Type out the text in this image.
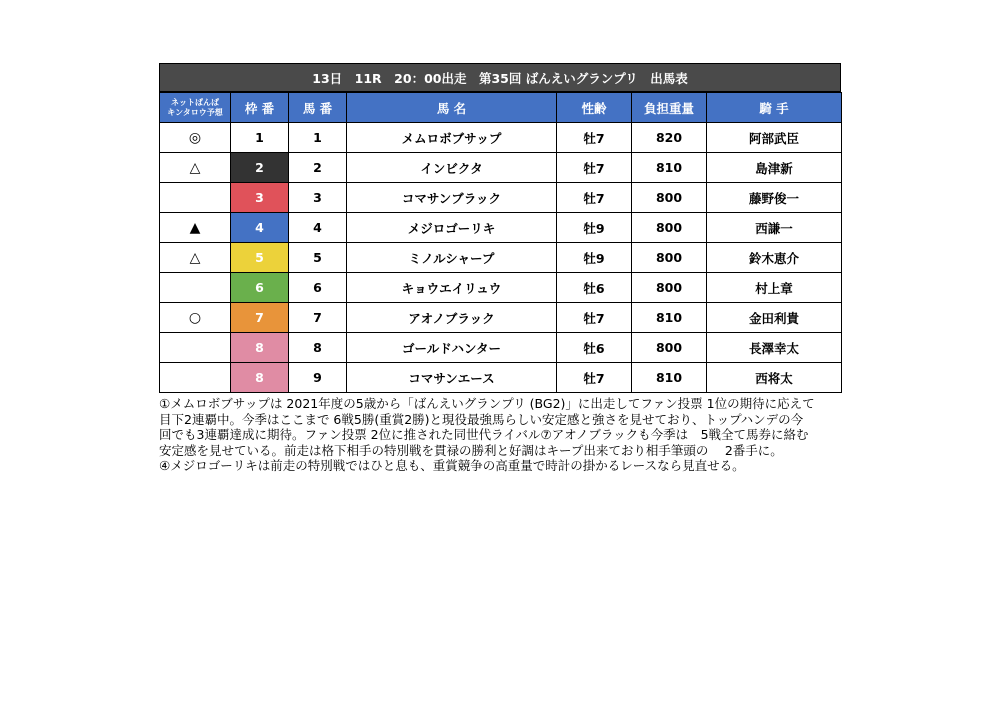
13日　11R　20：00出走　第35回 ばんえいグランプリ　出馬表
ネットばんば
キンタロウ予想	枠 番	馬 番	馬 名	性齢	負担重量	騎 手
◎	1	1	メムロボブサップ	牡7	820	阿部武臣
△	2	2	インビクタ	牡7	810	島津新
	3	3	コマサンブラック	牡7	800	藤野俊一
▲	4	4	メジロゴーリキ	牡9	800	西謙一
△	5	5	ミノルシャープ	牡9	800	鈴木恵介
	6	6	キョウエイリュウ	牡6	800	村上章
○	7	7	アオノブラック	牡7	810	金田利貴
	8	8	ゴールドハンター	牡6	800	長澤幸太
	8	9	コマサンエース	牡7	810	西将太

①メムロボブサップは 2021年度の5歳から「ばんえいグランプリ (BG2)」に出走してファン投票 1位の期待に応えて

目下2連覇中。今季はここまで 6戦5勝(重賞2勝)と現役最強馬らしい安定感と強さを見せており、トップハンデの今

回でも3連覇達成に期待。ファン投票 2位に推された同世代ライバル⑦アオノブラックも今季は　5戦全て馬券に絡む

安定感を見せている。前走は格下相手の特別戦を貫禄の勝利と好調はキープ出来ており相手筆頭の　 2番手に。

④メジロゴーリキは前走の特別戦ではひと息も、重賞競争の高重量で時計の掛かるレースなら見直せる。
